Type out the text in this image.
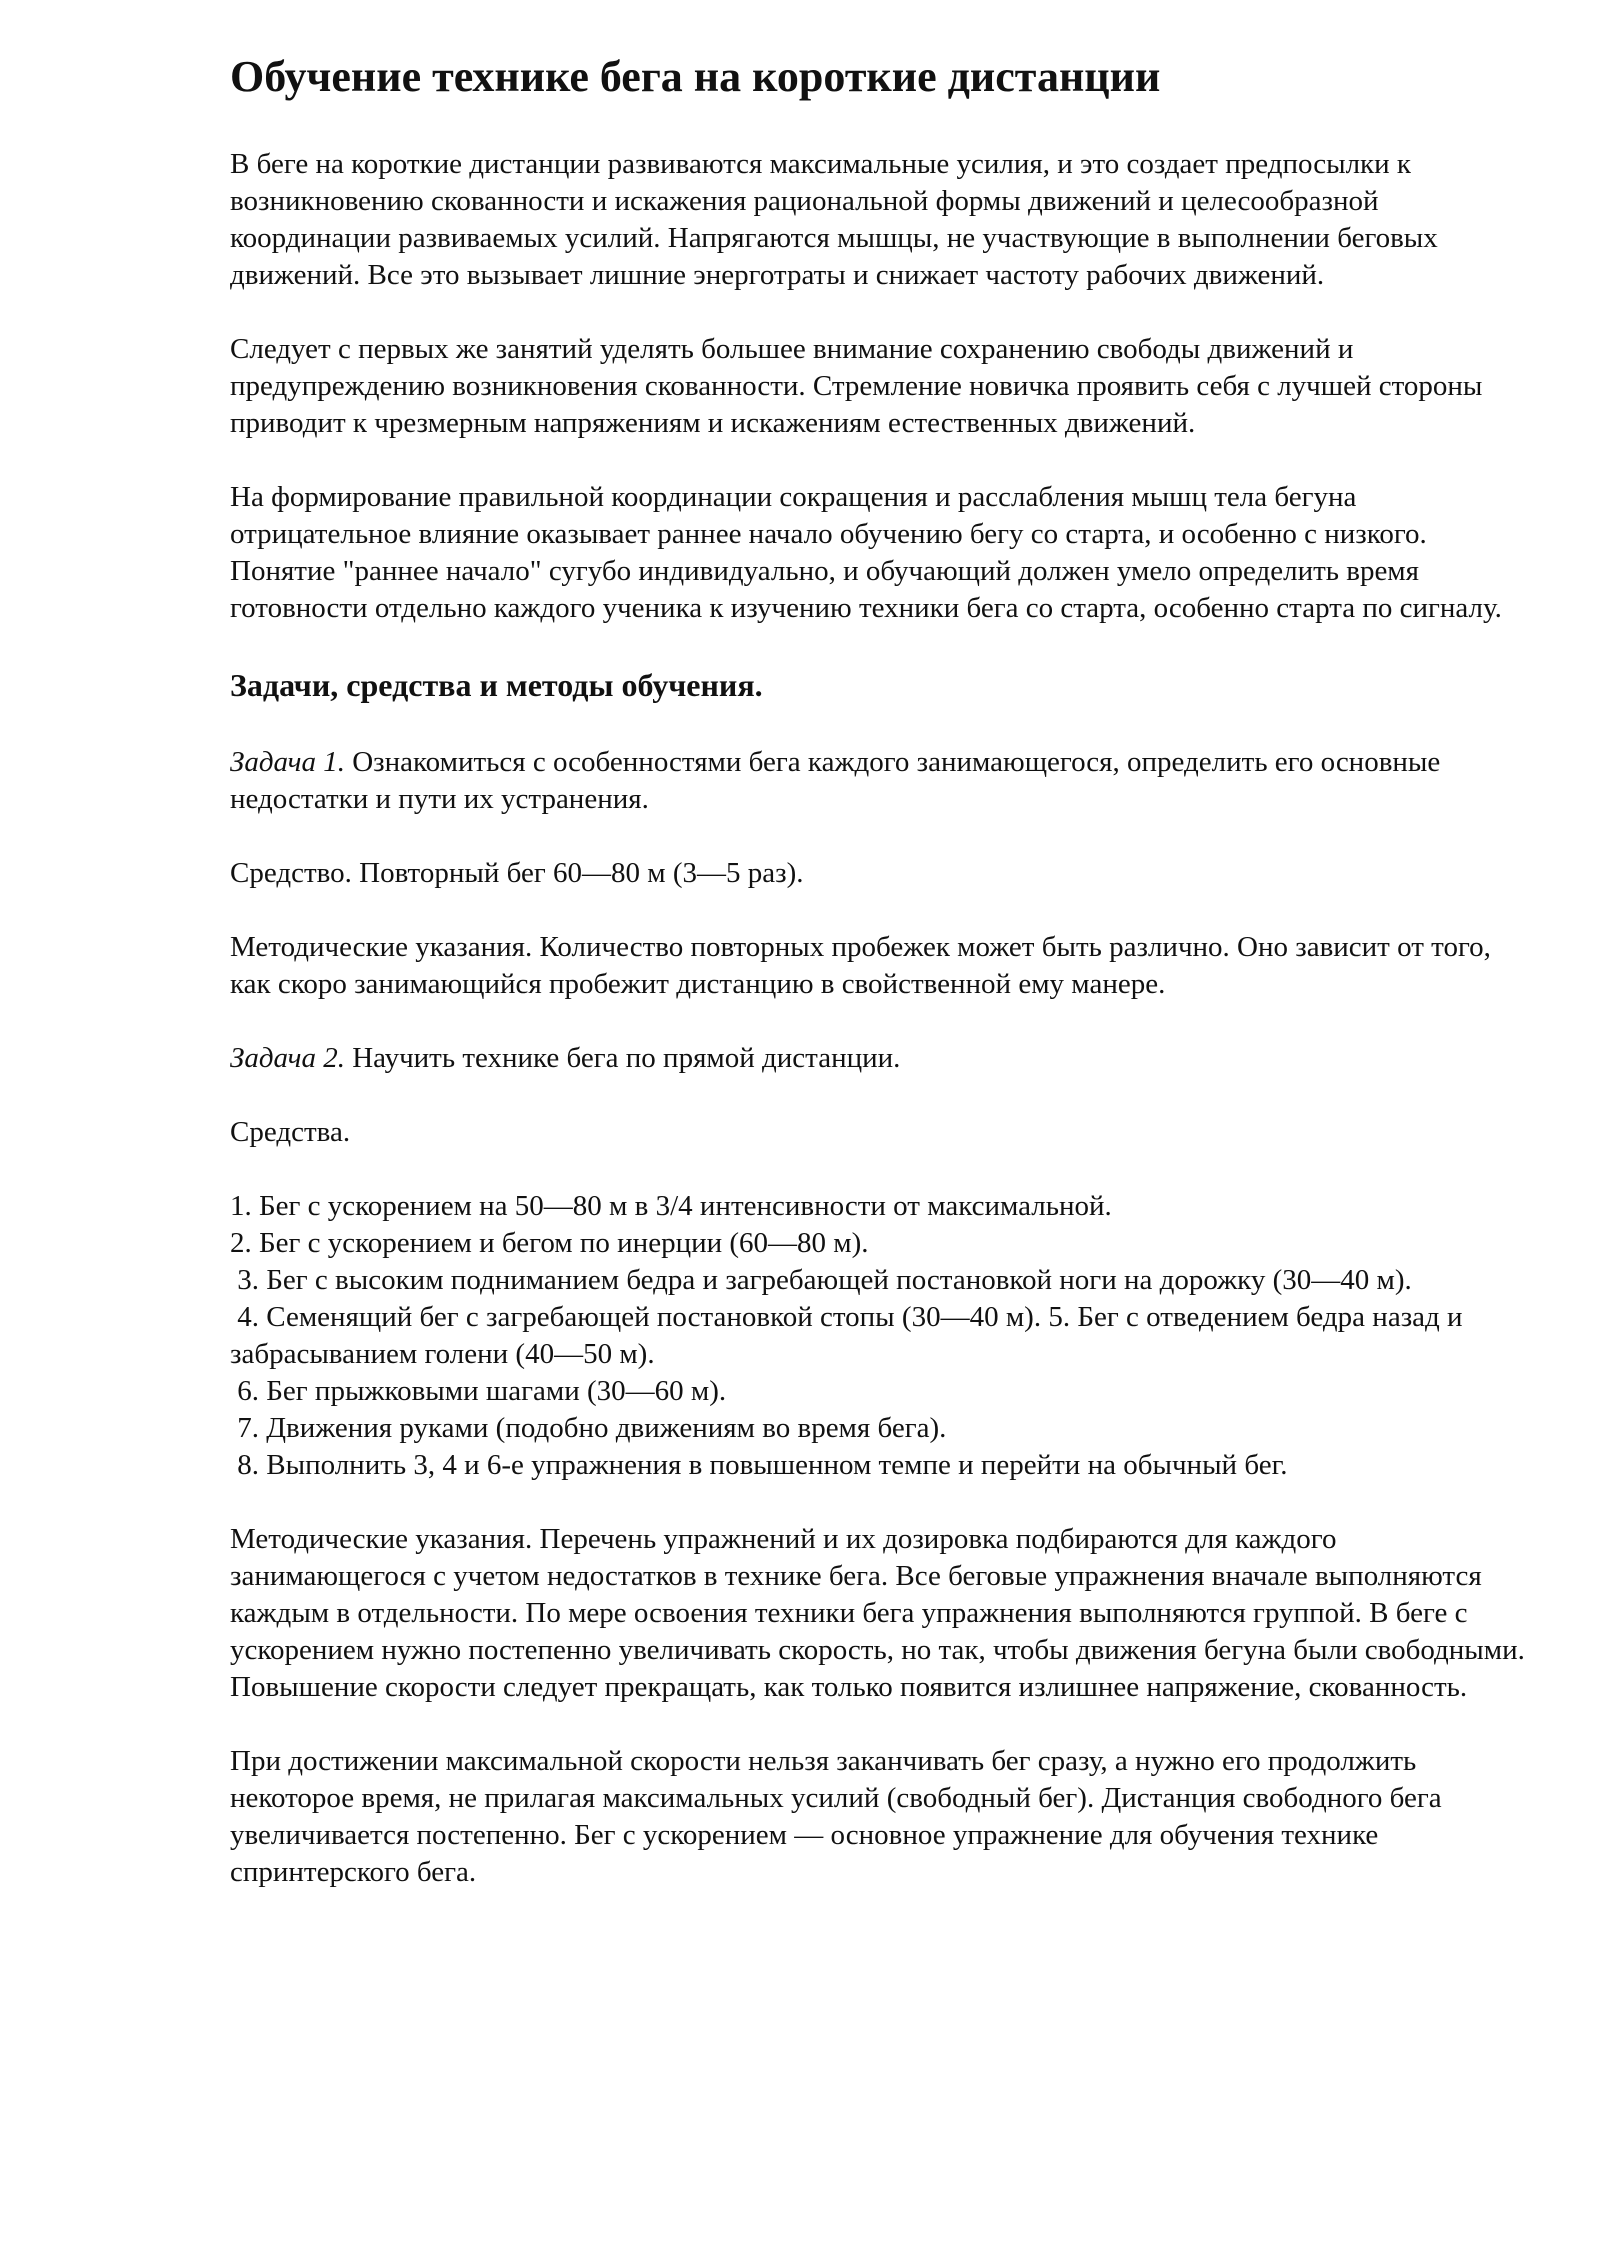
Обучение технике бега на короткие дистанции

В беге на короткие дистанции развиваются максимальные усилия, и это создает предпосылки к возникновению скованности и искажения рациональной формы движений и целесообразной координации развиваемых усилий. Напрягаются мышцы, не участвующие в выполнении беговых движений. Все это вызывает лишние энерготраты и снижает частоту рабочих движений.

Следует с первых же занятий уделять большее внимание сохранению свободы движений и предупреждению возникновения скованности. Стремление новичка проявить себя с лучшей стороны приводит к чрезмерным напряжениям и искажениям естественных движений.

На формирование правильной координации сокращения и расслабления мышц тела бегуна отрицательное влияние оказывает раннее начало обучению бегу со старта, и особенно с низкого. Понятие "раннее начало" сугубо индивидуально, и обучающий должен умело определить время готовности отдельно каждого ученика к изучению техники бега со старта, особенно старта по сигналу.

Задачи, средства и методы обучения.

Задача 1. Ознакомиться с особенностями бега каждого занимающегося, определить его основные недостатки и пути их устранения.

Средство. Повторный бег 60—80 м (3—5 раз).

Методические указания. Количество повторных пробежек может быть различно. Оно зависит от того, как скоро занимающийся пробежит дистанцию в свойственной ему манере.

Задача 2. Научить технике бега по прямой дистанции.

Средства.

1. Бег с ускорением на 50—80 м в 3/4 интенсивности от максимальной.

2. Бег с ускорением и бегом по инерции (60—80 м).

3. Бег с высоким подниманием бедра и загребающей постановкой ноги на дорожку (30—40 м).

4. Семенящий бег с загребающей постановкой стопы (30—40 м). 5. Бег с отведением бедра назад и забрасыванием голени (40—50 м).

6. Бег прыжковыми шагами (30—60 м).

7. Движения руками (подобно движениям во время бега).

8. Выполнить 3, 4 и 6-е упражнения в повышенном темпе и перейти на обычный бег.

Методические указания. Перечень упражнений и их дозировка подбираются для каждого занимающегося с учетом недостатков в технике бега. Все беговые упражнения вначале выполняются каждым в отдельности. По мере освоения техники бега упражнения выполняются группой. В беге с ускорением нужно постепенно увеличивать скорость, но так, чтобы движения бегуна были свободными. Повышение скорости следует прекращать, как только появится излишнее напряжение, скованность.

При достижении максимальной скорости нельзя заканчивать бег сразу, а нужно его продолжить некоторое время, не прилагая максимальных усилий (свободный бег). Дистанция свободного бега увеличивается постепенно. Бег с ускорением — основное упражнение для обучения технике спринтерского бега.
